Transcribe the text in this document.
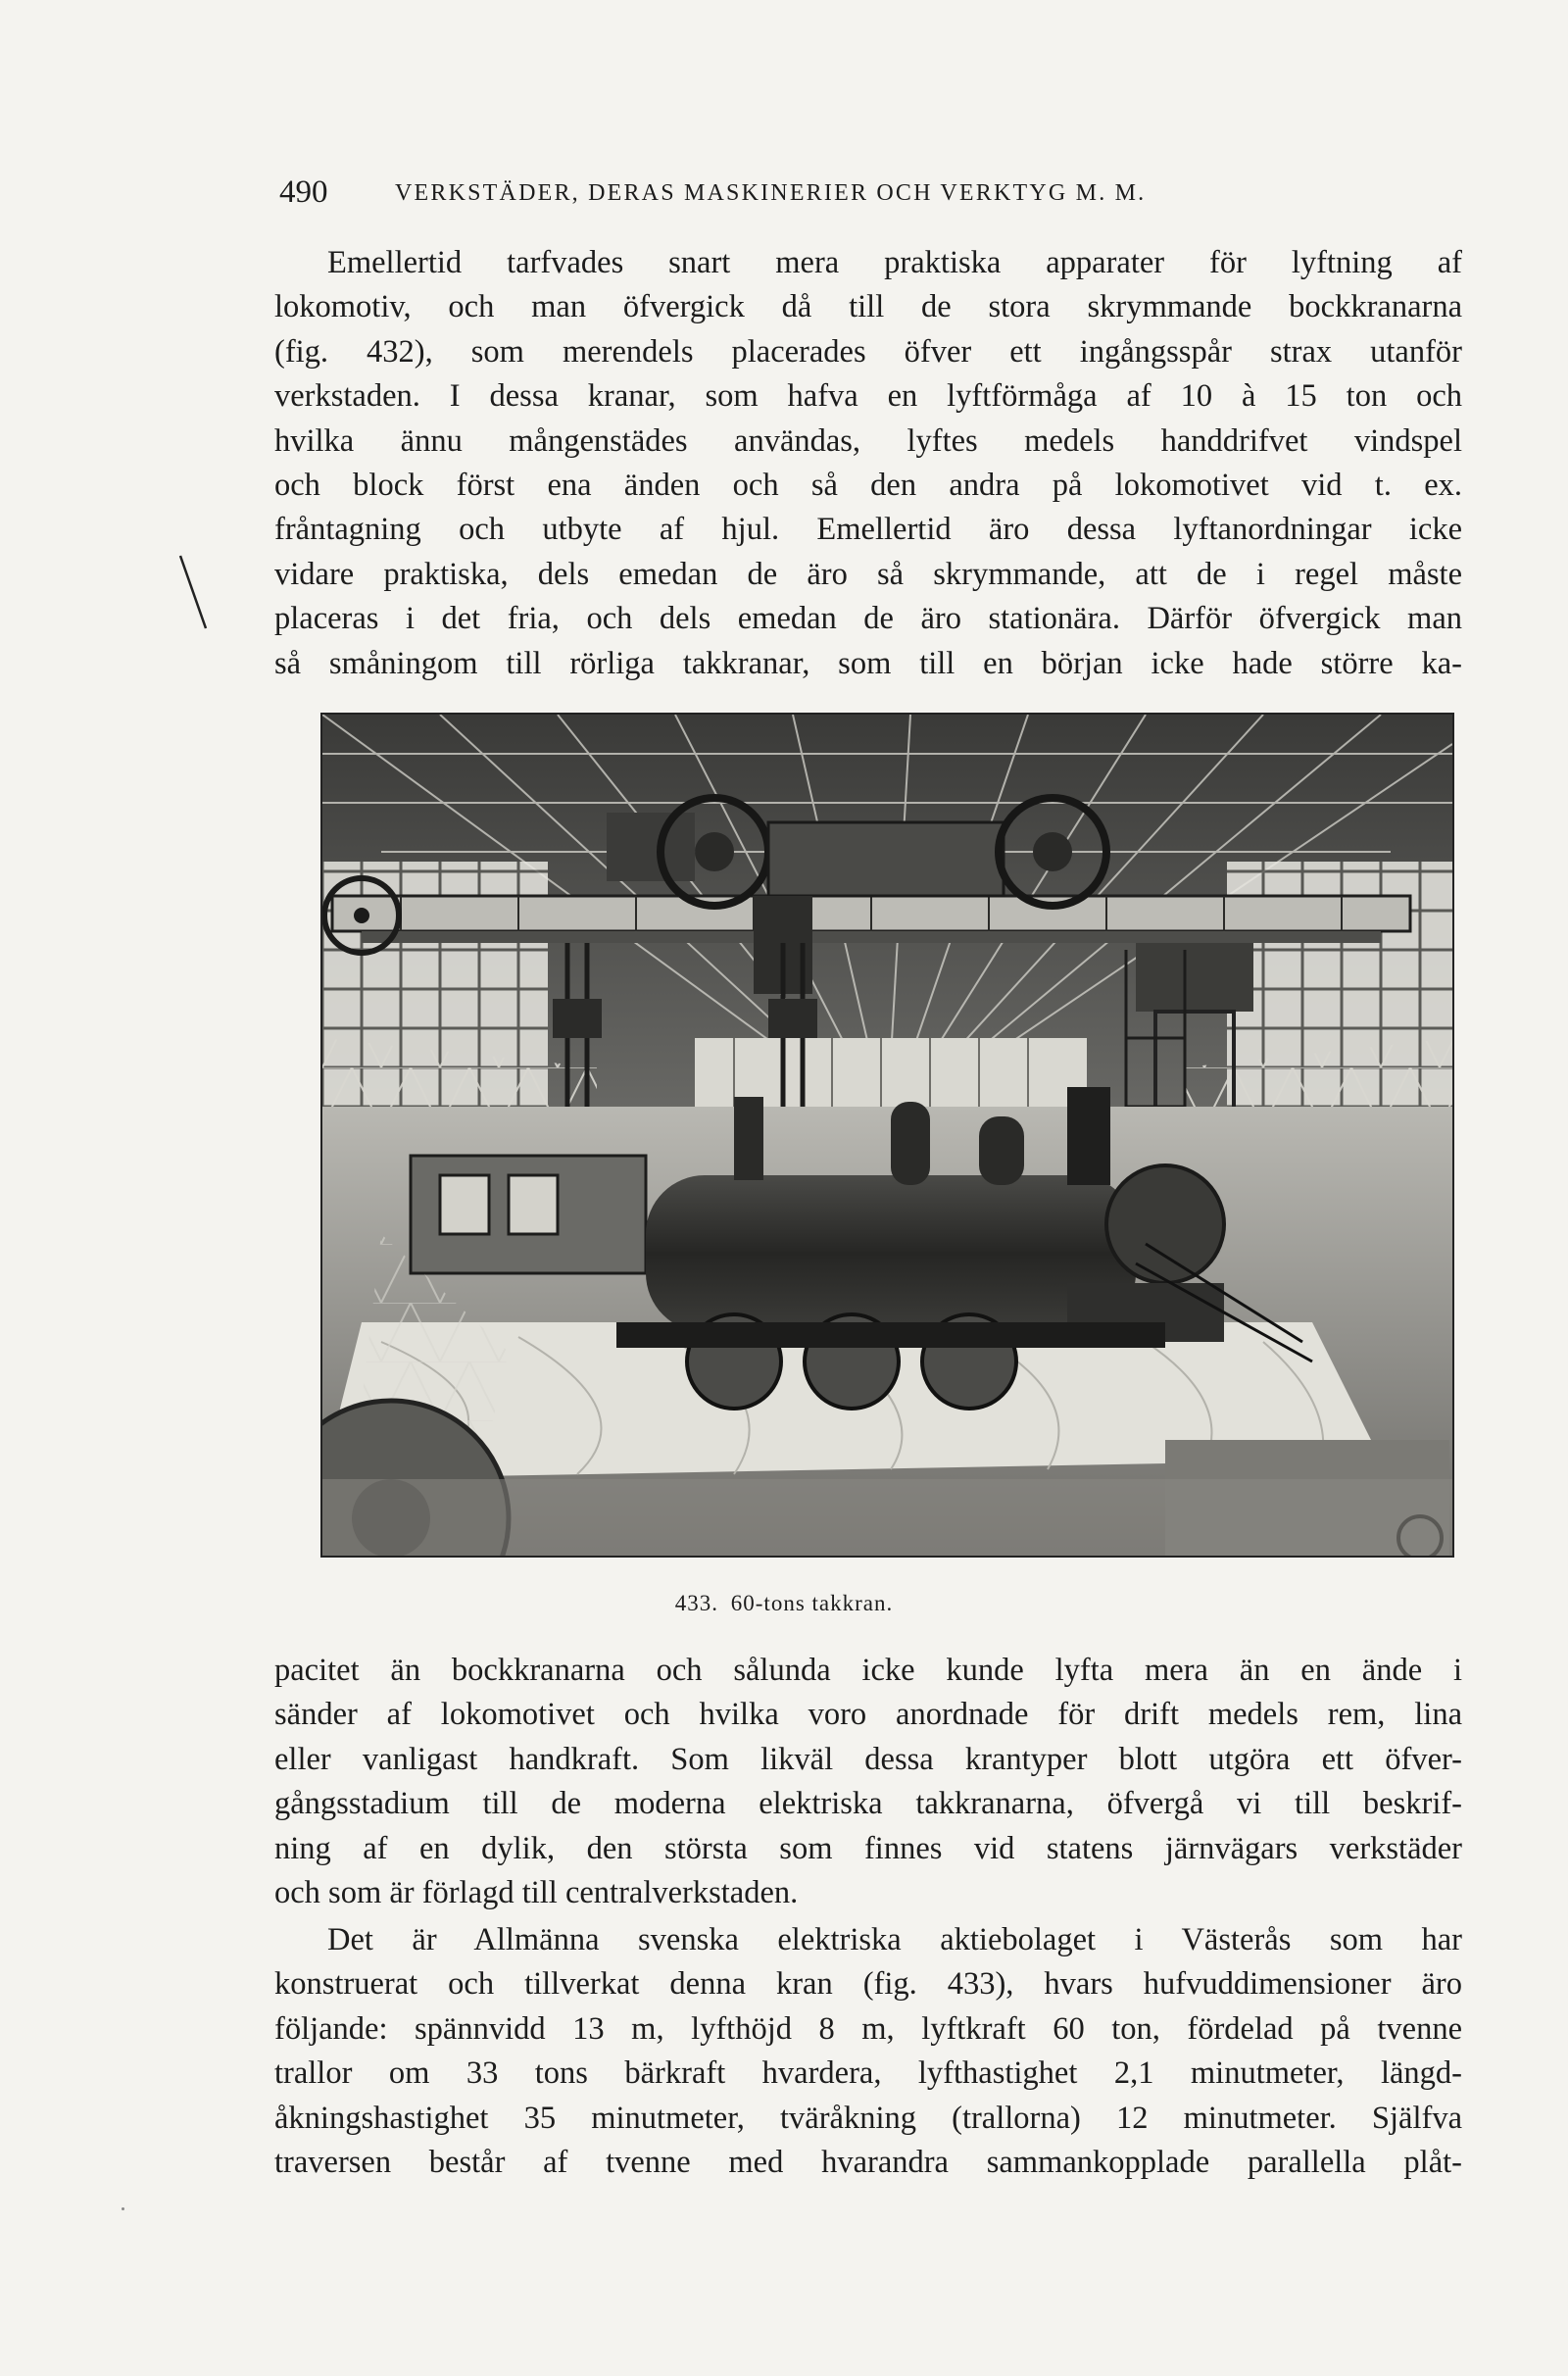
490	VERKSTÄDER, DERAS MASKINERIER OCH VERKTYG M. M.
Emellertid tarfvades snart mera praktiska apparater för lyftning af
lokomotiv, och man öfvergick då till de stora skrymmande bockkranarna
(fig. 432), som merendels placerades öfver ett ingångsspår strax utanför
verkstaden. I dessa kranar, som hafva en lyftförmåga af 10 à 15 ton och
hvilka ännu mångenstädes användas, lyftes medels handdrifvet vindspel
och block först ena änden och så den andra på lokomotivet vid t. ex.
fråntagning och utbyte af hjul. Emellertid äro dessa lyftanordningar icke
vidare praktiska, dels emedan de äro så skrymmande, att de i regel måste
placeras i det fria, och dels emedan de äro stationära. Därför öfvergick man
så småningom till rörliga takkranar, som till en början icke hade större ka-
433. 60-tons takkran.
pacitet än bockkranarna och sålunda icke kunde lyfta mera än en ände i
sänder af lokomotivet och hvilka voro anordnade för drift medels rem, lina
eller vanligast handkraft. Som likväl dessa krantyper blott utgöra ett öfver-
gångsstadium till de moderna elektriska takkranarna, öfvergå vi till beskrif-
ning af en dylik, den största som finnes vid statens järnvägars verkstäder
och som är förlagd till centralverkstaden.
Det är Allmänna svenska elektriska aktiebolaget i Västerås som har
konstruerat och tillverkat denna kran (fig. 433), hvars hufvuddimensioner äro
följande: spännvidd 13 m, lyfthöjd 8 m, lyftkraft 60 ton, fördelad på tvenne
trallor om 33 tons bärkraft hvardera, lyfthastighet 2,1 minutmeter, längd-
åkningshastighet 35 minutmeter, tväråkning (trallorna) 12 minutmeter. Själfva
traversen består af tvenne med hvarandra sammankopplade parallella plåt-
